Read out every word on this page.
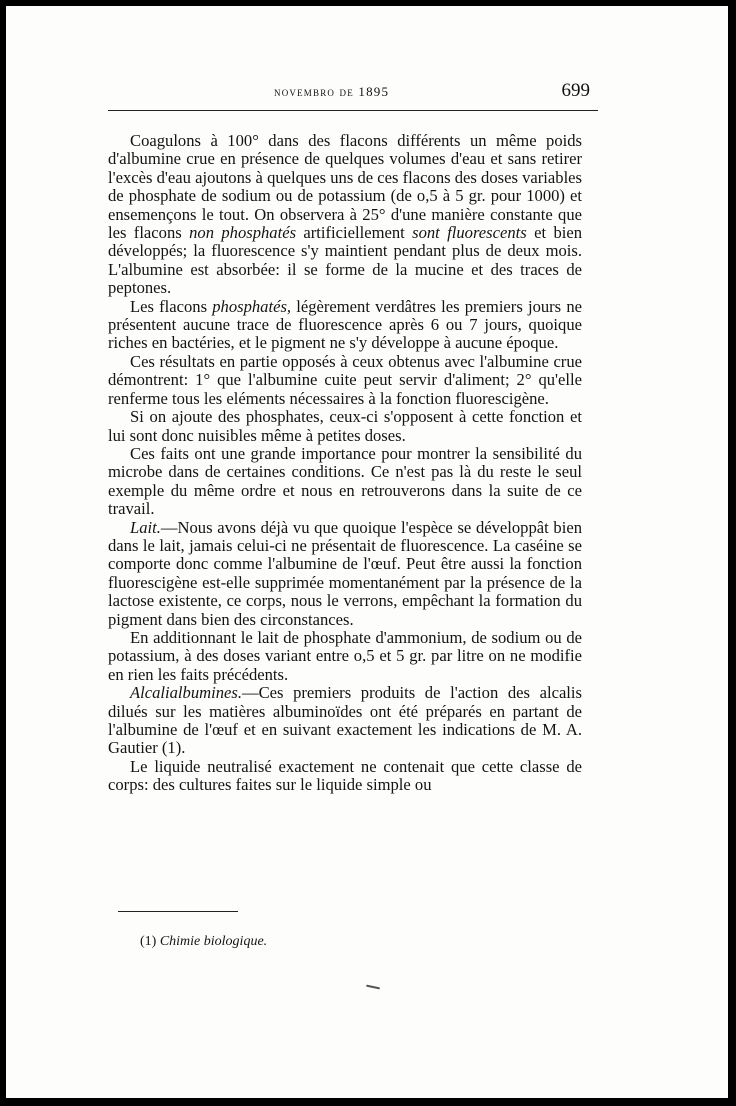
novembro de 1895	699

Coagulons à 100° dans des flacons différents un même poids d'albumine crue en présence de quelques volumes d'eau et sans retirer l'excès d'eau ajoutons à quelques uns de ces flacons des doses variables de phosphate de sodium ou de potassium (de o,5 à 5 gr. pour 1000) et ensemençons le tout. On observera à 25° d'une manière constante que les flacons non phosphatés artificiellement sont fluorescents et bien développés; la fluorescence s'y maintient pendant plus de deux mois. L'albumine est absorbée: il se forme de la mucine et des traces de peptones.

Les flacons phosphatés, légèrement verdâtres les premiers jours ne présentent aucune trace de fluorescence après 6 ou 7 jours, quoique riches en bactéries, et le pigment ne s'y développe à aucune époque.

Ces résultats en partie opposés à ceux obtenus avec l'albumine crue démontrent: 1° que l'albumine cuite peut servir d'aliment; 2° qu'elle renferme tous les eléments nécessaires à la fonction fluorescigène.

Si on ajoute des phosphates, ceux-ci s'opposent à cette fonction et lui sont donc nuisibles même à petites doses.

Ces faits ont une grande importance pour montrer la sensibilité du microbe dans de certaines conditions. Ce n'est pas là du reste le seul exemple du même ordre et nous en retrouverons dans la suite de ce travail.

Lait.—Nous avons déjà vu que quoique l'espèce se développât bien dans le lait, jamais celui-ci ne présentait de fluorescence. La caséine se comporte donc comme l'albumine de l'œuf. Peut être aussi la fonction fluorescigène est-elle supprimée momentanément par la présence de la lactose existente, ce corps, nous le verrons, empêchant la formation du pigment dans bien des circonstances.

En additionnant le lait de phosphate d'ammonium, de sodium ou de potassium, à des doses variant entre o,5 et 5 gr. par litre on ne modifie en rien les faits précédents.

Alcalialbumines.—Ces premiers produits de l'action des alcalis dilués sur les matières albuminoïdes ont été préparés en partant de l'albumine de l'œuf et en suivant exactement les indications de M. A. Gautier (1).

Le liquide neutralisé exactement ne contenait que cette classe de corps: des cultures faites sur le liquide simple ou

(1) Chimie biologique.
